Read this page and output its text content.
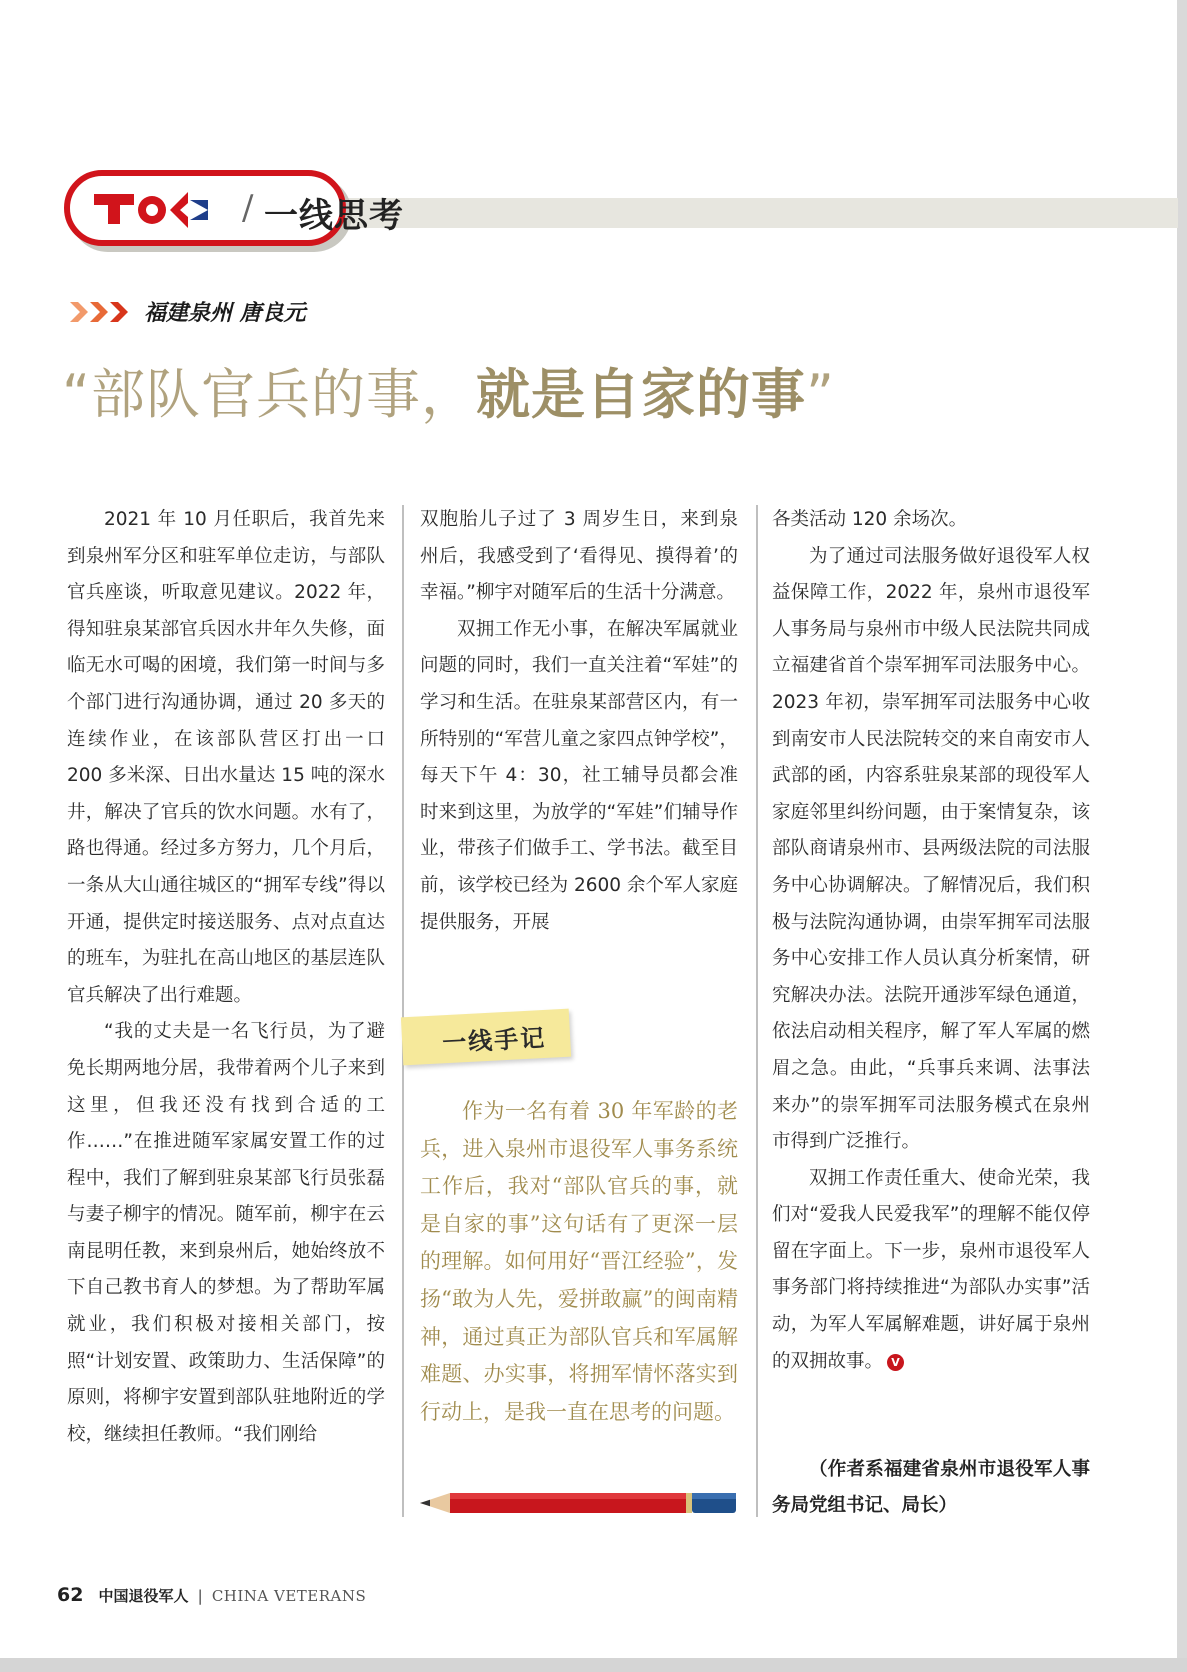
/ 一线思考
福建泉州 唐良元
“部队官兵的事，就是自家的事”

2021 年 10 月任职后，我首先来到泉州军分区和驻军单位走访，与部队官兵座谈，听取意见建议。2022 年，得知驻泉某部官兵因水井年久失修，面临无水可喝的困境，我们第一时间与多个部门进行沟通协调，通过 20 多天的连续作业，在该部队营区打出一口 200 多米深、日出水量达 15 吨的深水井，解决了官兵的饮水问题。水有了，路也得通。经过多方努力，几个月后，一条从大山通往城区的“拥军专线”得以开通，提供定时接送服务、点对点直达的班车，为驻扎在高山地区的基层连队官兵解决了出行难题。

“我的丈夫是一名飞行员，为了避免长期两地分居，我带着两个儿子来到这里，但我还没有找到合适的工作……”在推进随军家属安置工作的过程中，我们了解到驻泉某部飞行员张磊与妻子柳宇的情况。随军前，柳宇在云南昆明任教，来到泉州后，她始终放不下自己教书育人的梦想。为了帮助军属就业，我们积极对接相关部门，按照“计划安置、政策助力、生活保障”的原则，将柳宇安置到部队驻地附近的学校，继续担任教师。“我们刚给

双胞胎儿子过了 3 周岁生日，来到泉州后，我感受到了‘看得见、摸得着’的幸福。”柳宇对随军后的生活十分满意。

双拥工作无小事，在解决军属就业问题的同时，我们一直关注着“军娃”的学习和生活。在驻泉某部营区内，有一所特别的“军营儿童之家四点钟学校”，每天下午 4：30，社工辅导员都会准时来到这里，为放学的“军娃”们辅导作业，带孩子们做手工、学书法。截至目前，该学校已经为 2600 余个军人家庭提供服务，开展

一线手记
作为一名有着 30 年军龄的老兵，进入泉州市退役军人事务系统工作后，我对“部队官兵的事，就是自家的事”这句话有了更深一层的理解。如何用好“晋江经验”，发扬“敢为人先，爱拼敢赢”的闽南精神，通过真正为部队官兵和军属解难题、办实事，将拥军情怀落实到行动上，是我一直在思考的问题。

各类活动 120 余场次。

为了通过司法服务做好退役军人权益保障工作，2022 年，泉州市退役军人事务局与泉州市中级人民法院共同成立福建省首个崇军拥军司法服务中心。2023 年初，崇军拥军司法服务中心收到南安市人民法院转交的来自南安市人武部的函，内容系驻泉某部的现役军人家庭邻里纠纷问题，由于案情复杂，该部队商请泉州市、县两级法院的司法服务中心协调解决。了解情况后，我们积极与法院沟通协调，由崇军拥军司法服务中心安排工作人员认真分析案情，研究解决办法。法院开通涉军绿色通道，依法启动相关程序，解了军人军属的燃眉之急。由此，“兵事兵来调、法事法来办”的崇军拥军司法服务模式在泉州市得到广泛推行。

双拥工作责任重大、使命光荣，我们对“爱我人民爱我军”的理解不能仅停留在字面上。下一步，泉州市退役军人事务部门将持续推进“为部队办实事”活动，为军人军属解难题，讲好属于泉州的双拥故事。 V

（作者系福建省泉州市退役军人事务局党组书记、局长）
62 中国退役军人 | CHINA VETERANS
